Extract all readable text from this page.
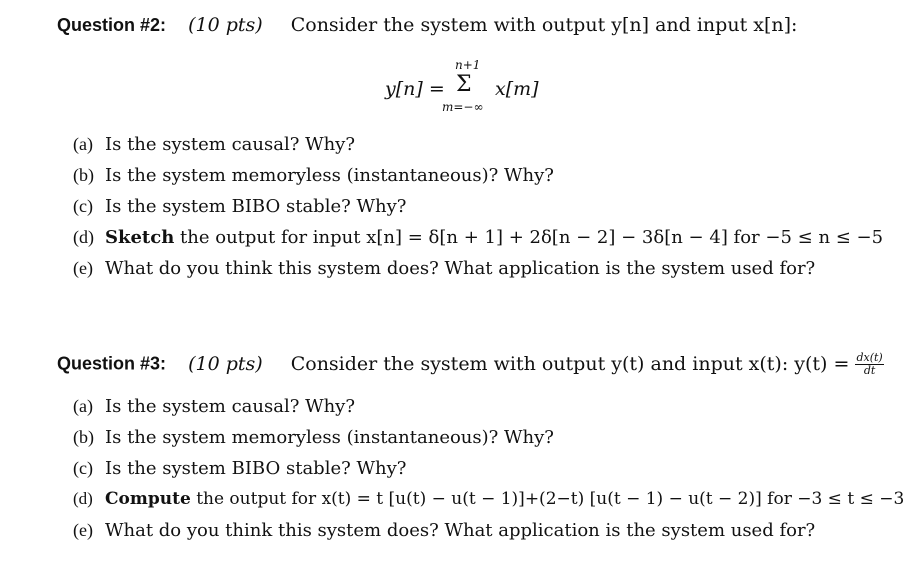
Question #2: (10 pts) Consider the system with output y[n] and input x[n]:
y[n] =
n+1
Σ
m=−∞
x[m]
(a) Is the system causal? Why?
(b) Is the system memoryless (instantaneous)? Why?
(c) Is the system BIBO stable? Why?
(d) Sketch the output for input x[n] = δ[n + 1] + 2δ[n − 2] − 3δ[n − 4] for −5 ≤ n ≤ −5
(e) What do you think this system does? What application is the system used for?
Question #3: (10 pts) Consider the system with output y(t) and input x(t): $y(t) = \frac{dx(t)}{dt}$
(a) Is the system causal? Why?
(b) Is the system memoryless (instantaneous)? Why?
(c) Is the system BIBO stable? Why?
(d) Compute the output for x(t) = t [u(t) − u(t − 1)]+(2−t) [u(t − 1) − u(t − 2)] for −3 ≤ t ≤ −3
(e) What do you think this system does? What application is the system used for?
